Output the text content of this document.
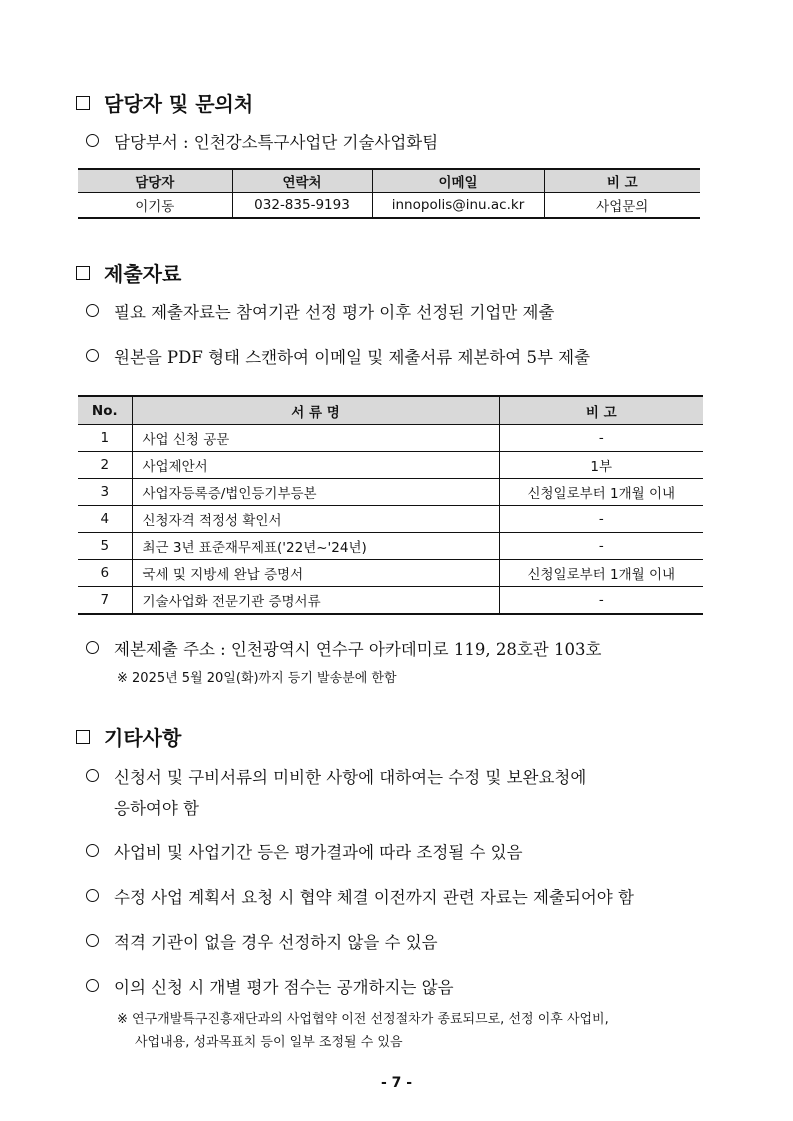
담당자 및 문의처
담당부서 : 인천강소특구사업단 기술사업화팀
담당자	연락처	이메일	비 고
이기동	032-835-9193	innopolis@inu.ac.kr	사업문의
제출자료
필요 제출자료는 참여기관 선정 평가 이후 선정된 기업만 제출
원본을 PDF 형태 스캔하여 이메일 및 제출서류 제본하여 5부 제출
No.	서 류 명	비 고
1	사업 신청 공문	-
2	사업제안서	1부
3	사업자등록증/법인등기부등본	신청일로부터 1개월 이내
4	신청자격 적정성 확인서	-
5	최근 3년 표준재무제표('22년~'24년)	-
6	국세 및 지방세 완납 증명서	신청일로부터 1개월 이내
7	기술사업화 전문기관 증명서류	-
제본제출 주소 : 인천광역시 연수구 아카데미로 119, 28호관 103호
※ 2025년 5월 20일(화)까지 등기 발송분에 한함
기타사항
신청서 및 구비서류의 미비한 사항에 대하여는 수정 및 보완요청에
응하여야 함
사업비 및 사업기간 등은 평가결과에 따라 조정될 수 있음
수정 사업 계획서 요청 시 협약 체결 이전까지 관련 자료는 제출되어야 함
적격 기관이 없을 경우 선정하지 않을 수 있음
이의 신청 시 개별 평가 점수는 공개하지는 않음
※ 연구개발특구진흥재단과의 사업협약 이전 선정절차가 종료되므로, 선정 이후 사업비,
사업내용, 성과목표치 등이 일부 조정될 수 있음
- 7 -
